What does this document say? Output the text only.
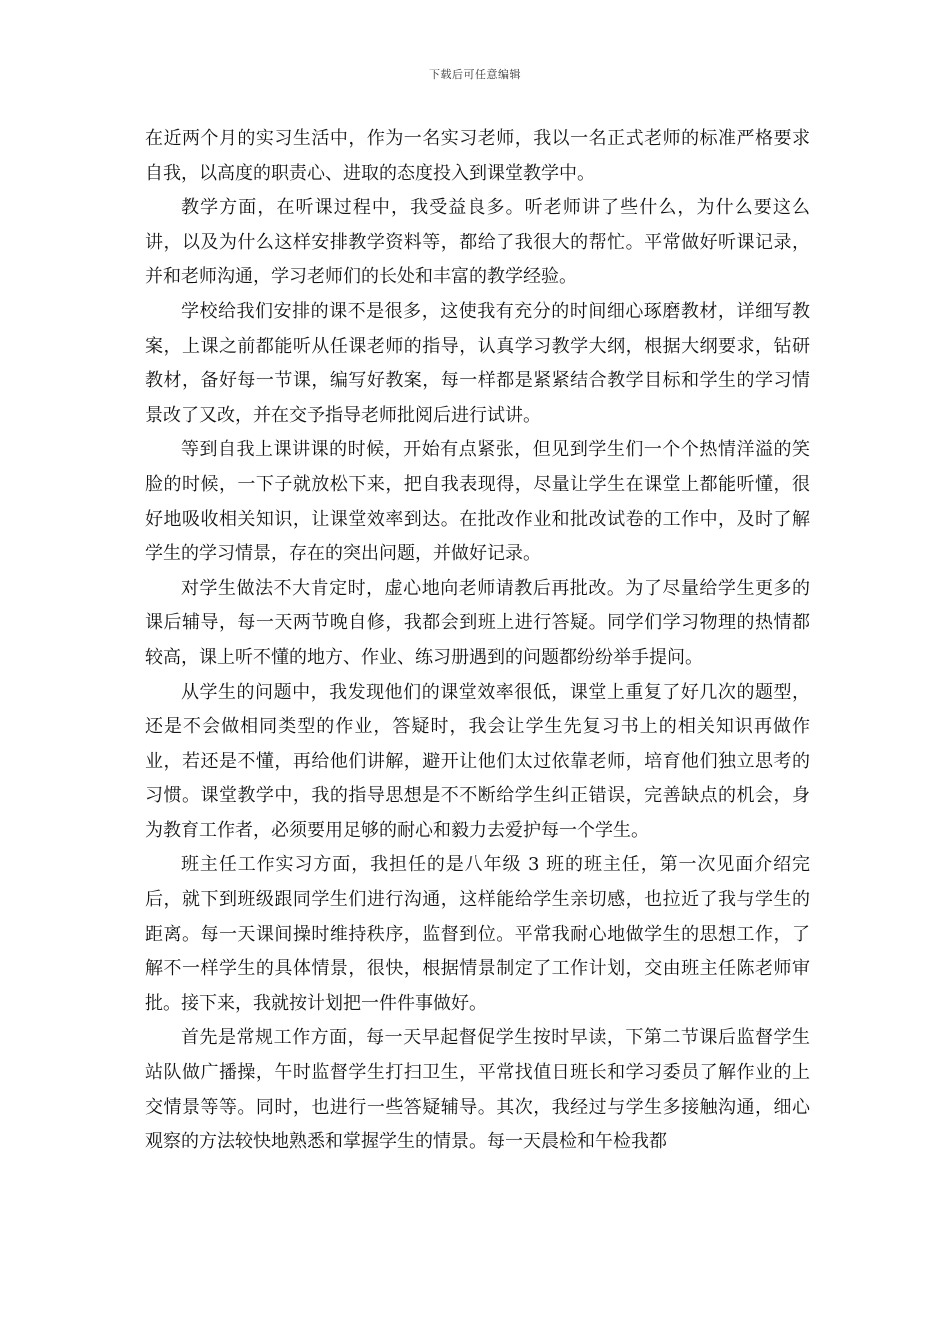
下载后可任意编辑

在近两个月的实习生活中，作为一名实习老师，我以一名正式老师的标准严格要求自我，以高度的职责心、进取的态度投入到课堂教学中。

教学方面，在听课过程中，我受益良多。听老师讲了些什么，为什么要这么讲，以及为什么这样安排教学资料等，都给了我很大的帮忙。平常做好听课记录，并和老师沟通，学习老师们的长处和丰富的教学经验。

学校给我们安排的课不是很多，这使我有充分的时间细心琢磨教材，详细写教案，上课之前都能听从任课老师的指导，认真学习教学大纲，根据大纲要求，钻研教材，备好每一节课，编写好教案，每一样都是紧紧结合教学目标和学生的学习情景改了又改，并在交予指导老师批阅后进行试讲。

等到自我上课讲课的时候，开始有点紧张，但见到学生们一个个热情洋溢的笑脸的时候，一下子就放松下来，把自我表现得，尽量让学生在课堂上都能听懂，很好地吸收相关知识，让课堂效率到达。在批改作业和批改试卷的工作中，及时了解学生的学习情景，存在的突出问题，并做好记录。

对学生做法不大肯定时，虚心地向老师请教后再批改。为了尽量给学生更多的课后辅导，每一天两节晚自修，我都会到班上进行答疑。同学们学习物理的热情都较高，课上听不懂的地方、作业、练习册遇到的问题都纷纷举手提问。

从学生的问题中，我发现他们的课堂效率很低，课堂上重复了好几次的题型，还是不会做相同类型的作业，答疑时，我会让学生先复习书上的相关知识再做作业，若还是不懂，再给他们讲解，避开让他们太过依靠老师，培育他们独立思考的习惯。课堂教学中，我的指导思想是不不断给学生纠正错误，完善缺点的机会，身为教育工作者，必须要用足够的耐心和毅力去爱护每一个学生。

班主任工作实习方面，我担任的是八年级 3 班的班主任，第一次见面介绍完后，就下到班级跟同学生们进行沟通，这样能给学生亲切感，也拉近了我与学生的距离。每一天课间操时维持秩序，监督到位。平常我耐心地做学生的思想工作，了解不一样学生的具体情景，很快，根据情景制定了工作计划，交由班主任陈老师审批。接下来，我就按计划把一件件事做好。

首先是常规工作方面，每一天早起督促学生按时早读，下第二节课后监督学生站队做广播操，午时监督学生打扫卫生，平常找值日班长和学习委员了解作业的上交情景等等。同时，也进行一些答疑辅导。其次，我经过与学生多接触沟通，细心观察的方法较快地熟悉和掌握学生的情景。每一天晨检和午检我都
